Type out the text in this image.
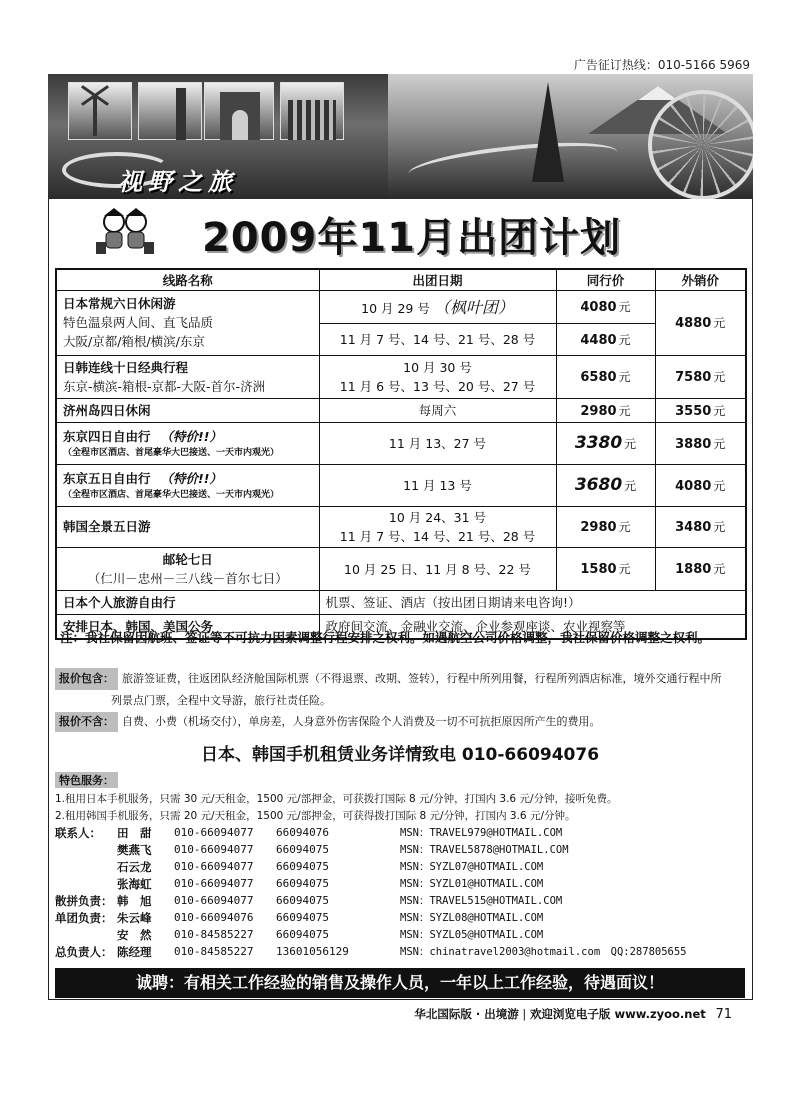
广告征订热线：010-5166 5969
视野之旅
2009年11月出团计划
线路名称	出团日期	同行价	外销价

日本常规六日休闲游
特色温泉两人间、直飞品质
大阪/京都/箱根/横滨/东京	10 月 29 号 （枫叶团）	4080 元	4880 元
	11 月 7 号、14 号、21 号、28 号	4480 元	

日韩连线十日经典行程
东京-横滨-箱根-京都-大阪-首尔-济洲	10 月 30 号
11 月 6 号、13 号、20 号、27 号	6580 元	7580 元

济州岛四日休闲	每周六	2980 元	3550 元
东京四日自由行 （特价!!）
（全程市区酒店、首尾豪华大巴接送、一天市内观光）	11 月 13、27 号	3380 元	3880 元
东京五日自由行 （特价!!）
（全程市区酒店、首尾豪华大巴接送、一天市内观光）	11 月 13 号	3680 元	4080 元

韩国全景五日游	10 月 24、31 号
11 月 7 号、14 号、21 号、28 号	2980 元	3480 元

邮轮七日
（仁川－忠州－三八线－首尔七日）	10 月 25 日、11 月 8 号、22 号	1580 元	1880 元

日本个人旅游自由行	机票、签证、酒店（按出团日期请来电咨询!）		

安排日本、韩国、美国公务	政府间交流、金融业交流、企业参观座谈、农业视察等		
注：我社保留因航班、签证等不可抗力因素调整行程安排之权利。如遇航空公司价格调整，我社保留价格调整之权利。
报价包含： 旅游签证费，往返团队经济舱国际机票（不得退票、改期、签转），行程中所列用餐，行程所列酒店标准，境外交通行程中所
列景点门票，全程中文导游，旅行社责任险。
报价不含： 自费、小费（机场交付），单房差，人身意外伤害保险个人消费及一切不可抗拒原因所产生的费用。
日本、韩国手机租赁业务详情致电 010-66094076
特色服务：
1.租用日本手机服务，只需 30 元/天租金，1500 元/部押金，可获拨打国际 8 元/分钟，打国内 3.6 元/分钟，接听免费。
2.租用韩国手机服务，只需 20 元/天租金，1500 元/部押金，可获得拨打国际 8 元/分钟，打国内 3.6 元/分钟。
联系人：	田　甜	010-66094077	66094076	MSN：TRAVEL979@HOTMAIL.COM
	樊燕飞	010-66094077	66094075	MSN：TRAVEL5878@HOTMAIL.COM
	石云龙	010-66094077	66094075	MSN：SYZL07@HOTMAIL.COM
	张海虹	010-66094077	66094075	MSN：SYZL01@HOTMAIL.COM
散拼负责：	韩　旭	010-66094077	66094075	MSN：TRAVEL515@HOTMAIL.COM
单团负责：	朱云峰	010-66094076	66094075	MSN：SYZL08@HOTMAIL.COM
	安　然	010-84585227	66094075	MSN：SYZL05@HOTMAIL.COM
总负责人：	陈经理	010-84585227	13601056129	MSN：chinatravel2003@hotmail.com　QQ:287805655
诚聘：有相关工作经验的销售及操作人员，一年以上工作经验，待遇面议！
华北国际版 · 出境游 | 欢迎浏览电子版 www.zyoo.net 71
